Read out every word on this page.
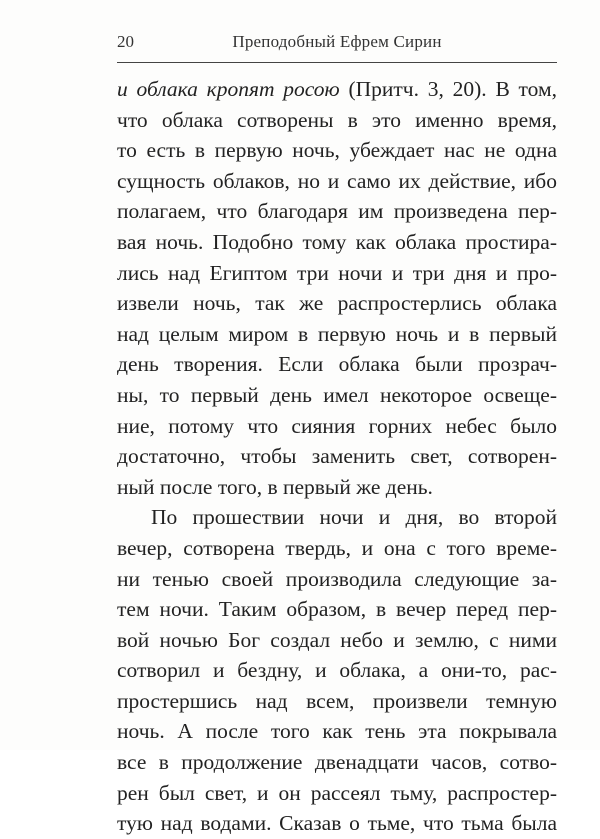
20	Преподобный Ефрем Сирин
и облака кропят росою (Притч. 3, 20). В том,
что облака сотворены в это именно время,
то есть в первую ночь, убеждает нас не одна
сущность облаков, но и само их действие, ибо
полагаем, что благодаря им произведена пер-
вая ночь. Подобно тому как облака простира-
лись над Египтом три ночи и три дня и про-
извели ночь, так же распростерлись облака
над целым миром в первую ночь и в первый
день творения. Если облака были прозрач-
ны, то первый день имел некоторое освеще-
ние, потому что сияния горних небес было
достаточно, чтобы заменить свет, сотворен-
ный после того, в первый же день.
По прошествии ночи и дня, во второй
вечер, сотворена твердь, и она с того време-
ни тенью своей производила следующие за-
тем ночи. Таким образом, в вечер перед пер-
вой ночью Бог создал небо и землю, с ними
сотворил и бездну, и облака, а они-то, рас-
простершись над всем, произвели темную
ночь. А после того как тень эта покрывала
все в продолжение двенадцати часов, сотво-
рен был свет, и он рассеял тьму, распростер-
тую над водами. Сказав о тьме, что тьма была
